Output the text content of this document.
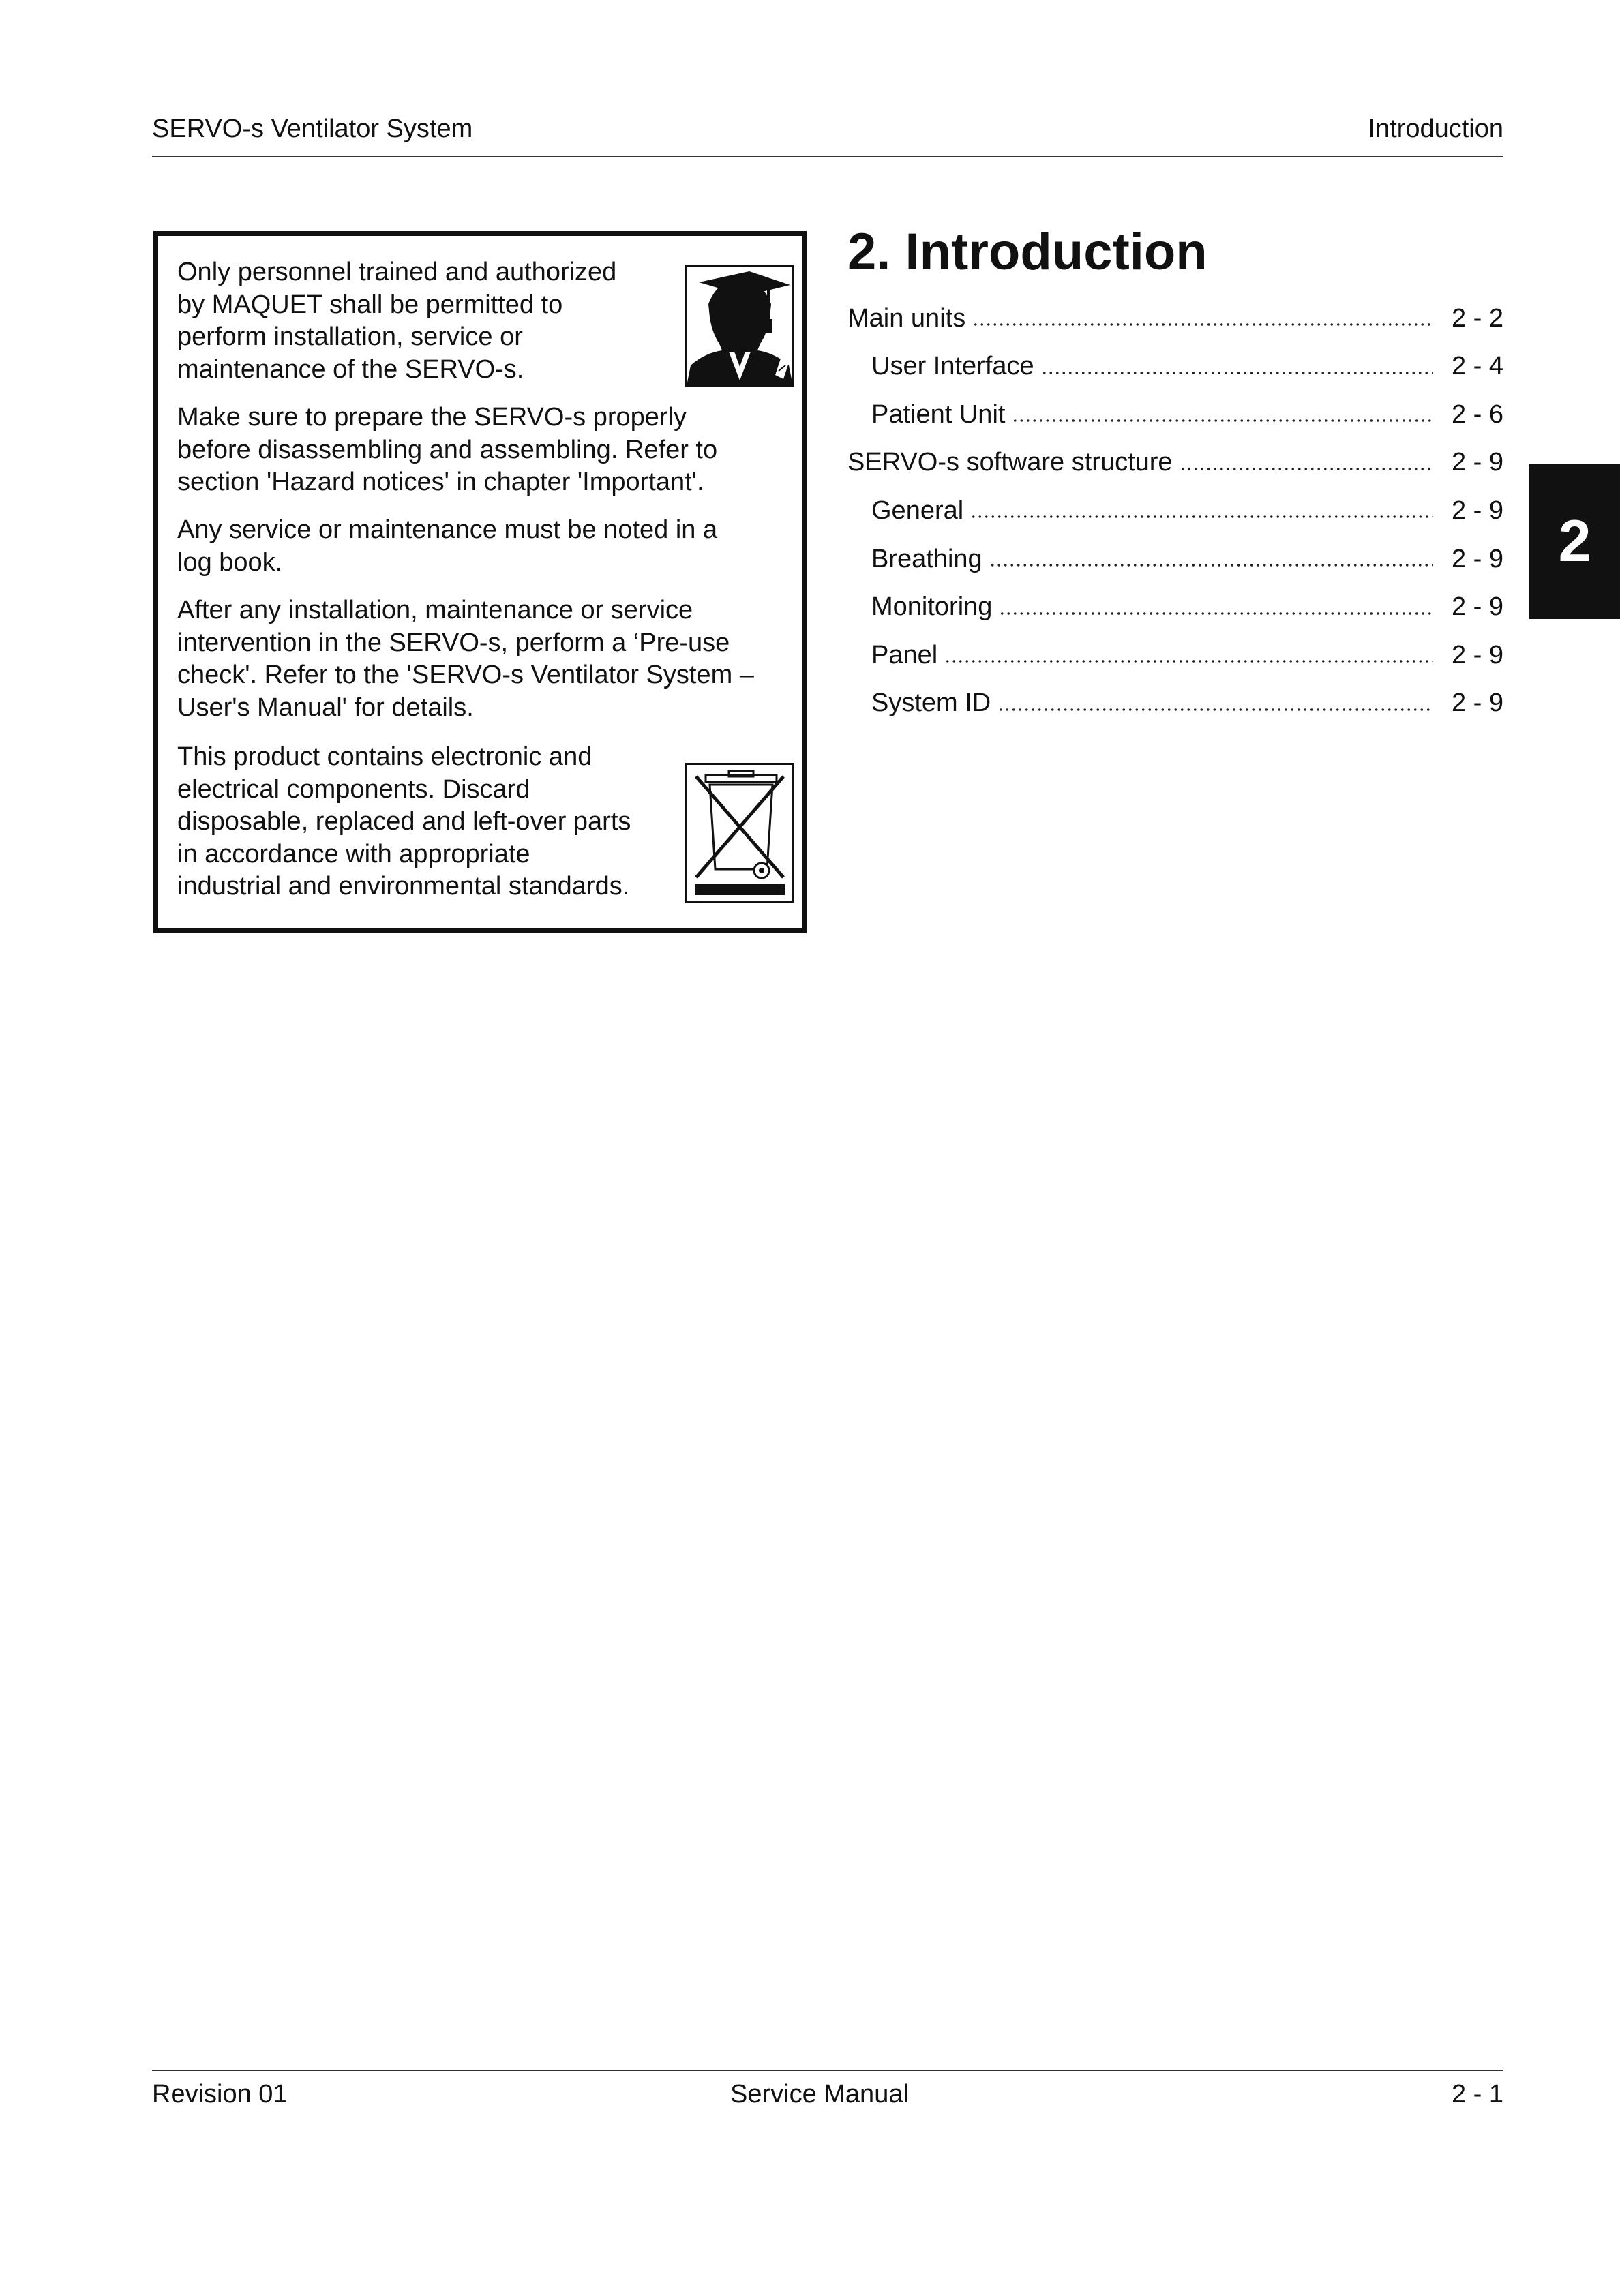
SERVO-s Ventilator System	Introduction

Only personnel trained and authorized
by MAQUET shall be permitted to
perform installation, service or
maintenance of the SERVO-s.

Make sure to prepare the SERVO-s properly
before disassembling and assembling. Refer to
section 'Hazard notices' in chapter 'Important'.

Any service or maintenance must be noted in a
log book.

After any installation, maintenance or service
intervention in the SERVO-s, perform a ‘Pre-use
check'. Refer to the 'SERVO-s Ventilator System –
User's Manual' for details.

This product contains electronic and
electrical components. Discard
disposable, replaced and left-over parts
in accordance with appropriate
industrial and environmental standards.

2. Introduction
Main units	2 - 2
User Interface	2 - 4
Patient Unit	2 - 6
SERVO-s software structure	2 - 9
General	2 - 9
Breathing	2 - 9
Monitoring	2 - 9
Panel	2 - 9
System ID	2 - 9
2
Revision 01	Service Manual	2 - 1
